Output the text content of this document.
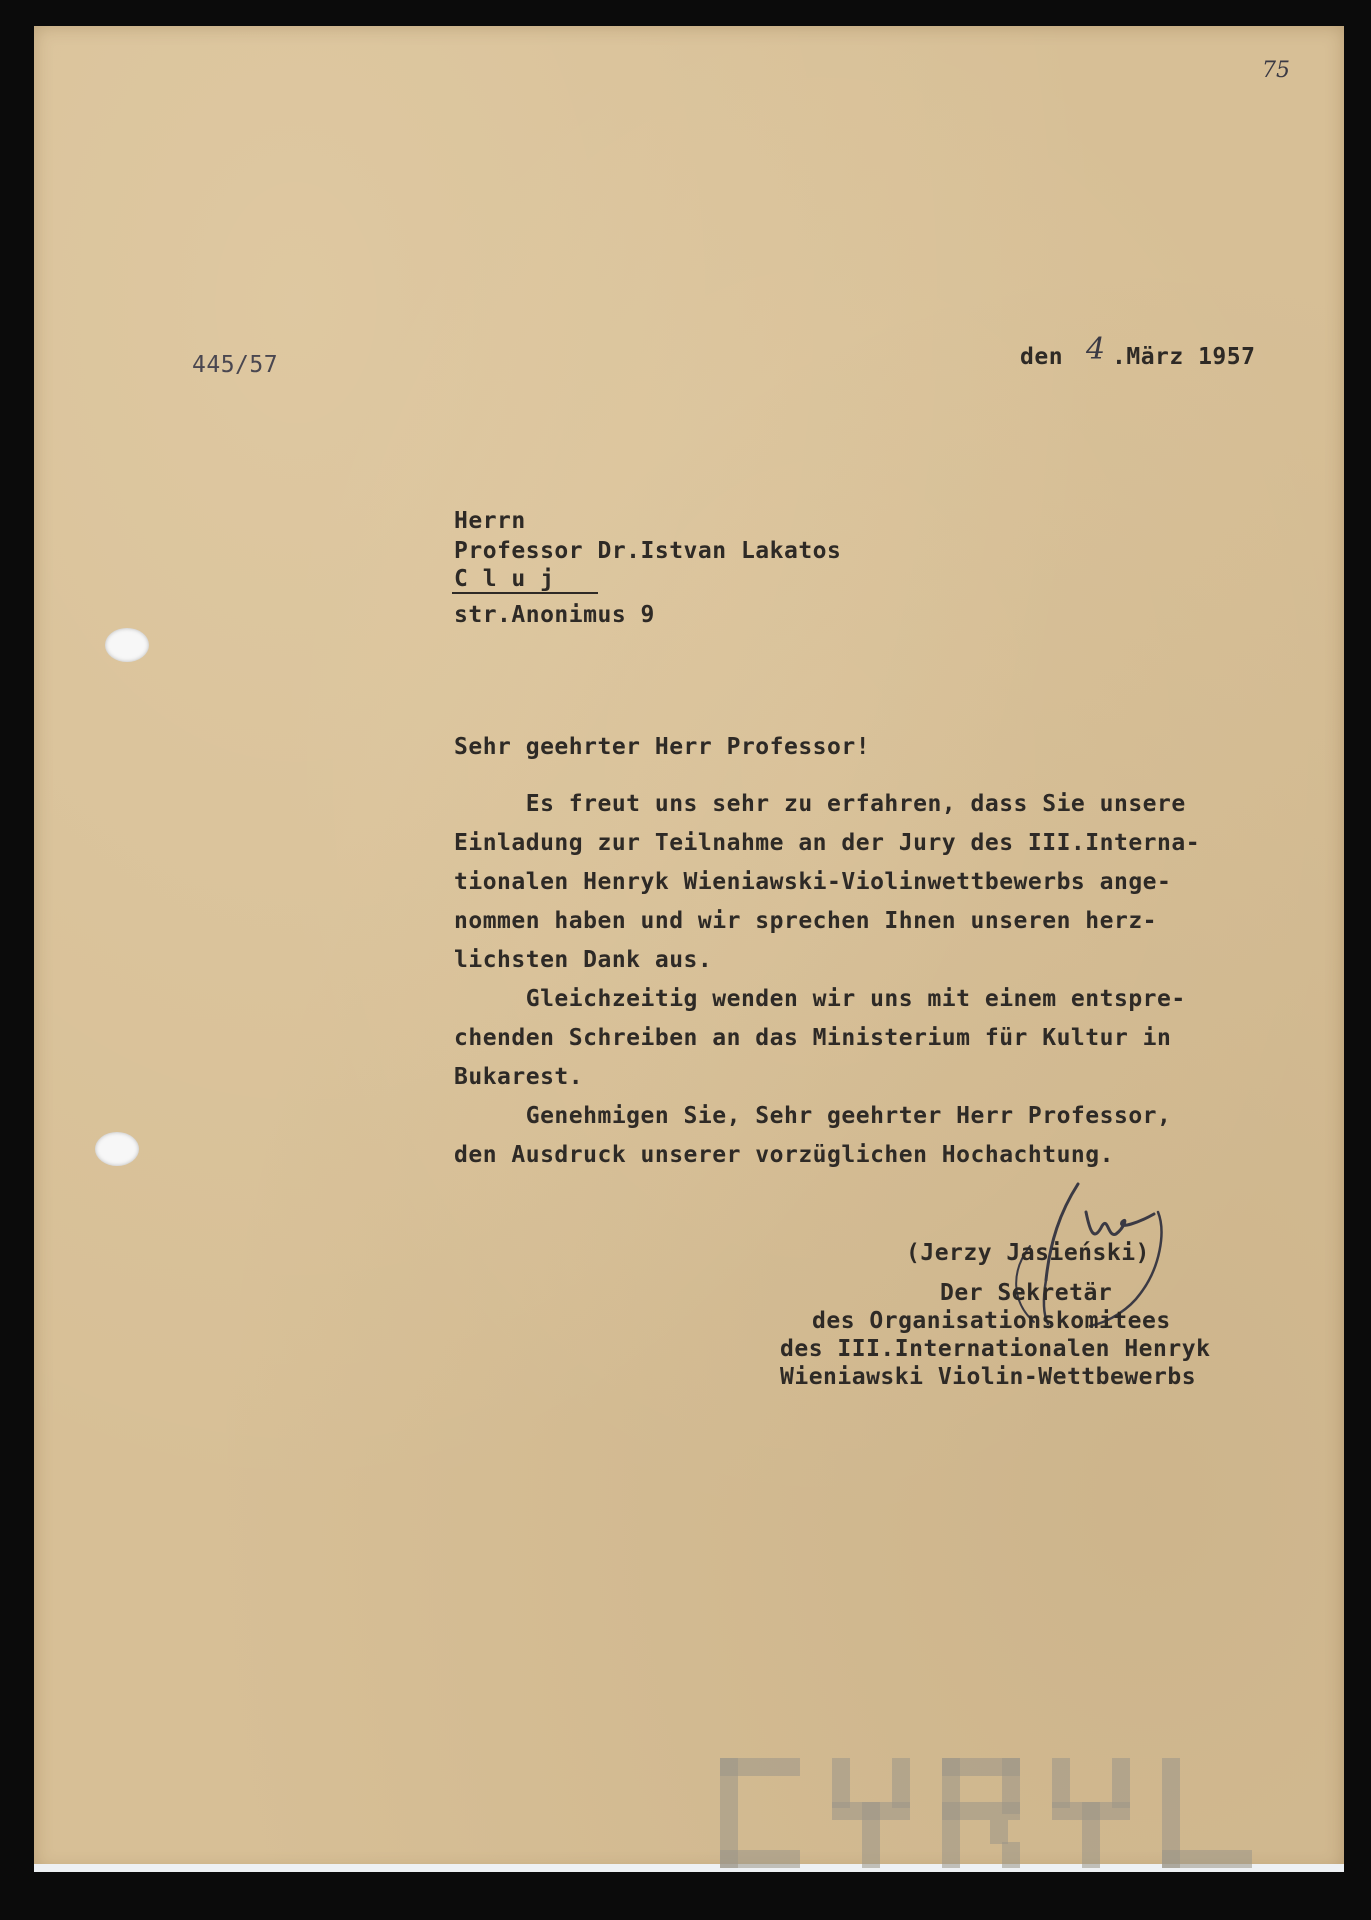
75
445/57	den 4 .März 1957
Herrn
Professor Dr.Istvan Lakatos
C l u j
str.Anonimus 9
Sehr geehrter Herr Professor!
Es freut uns sehr zu erfahren, dass Sie unsere
Einladung zur Teilnahme an der Jury des III.Interna-
tionalen Henryk Wieniawski-Violinwettbewerbs ange-
nommen haben und wir sprechen Ihnen unseren herz-
lichsten Dank aus.
Gleichzeitig wenden wir uns mit einem entspre-
chenden Schreiben an das Ministerium für Kultur in
Bukarest.
Genehmigen Sie, Sehr geehrter Herr Professor,
den Ausdruck unserer vorzüglichen Hochachtung.
(Jerzy Jasieński)
Der Sekretär
des Organisationskomitees
des III.Internationalen Henryk
Wieniawski Violin-Wettbewerbs
